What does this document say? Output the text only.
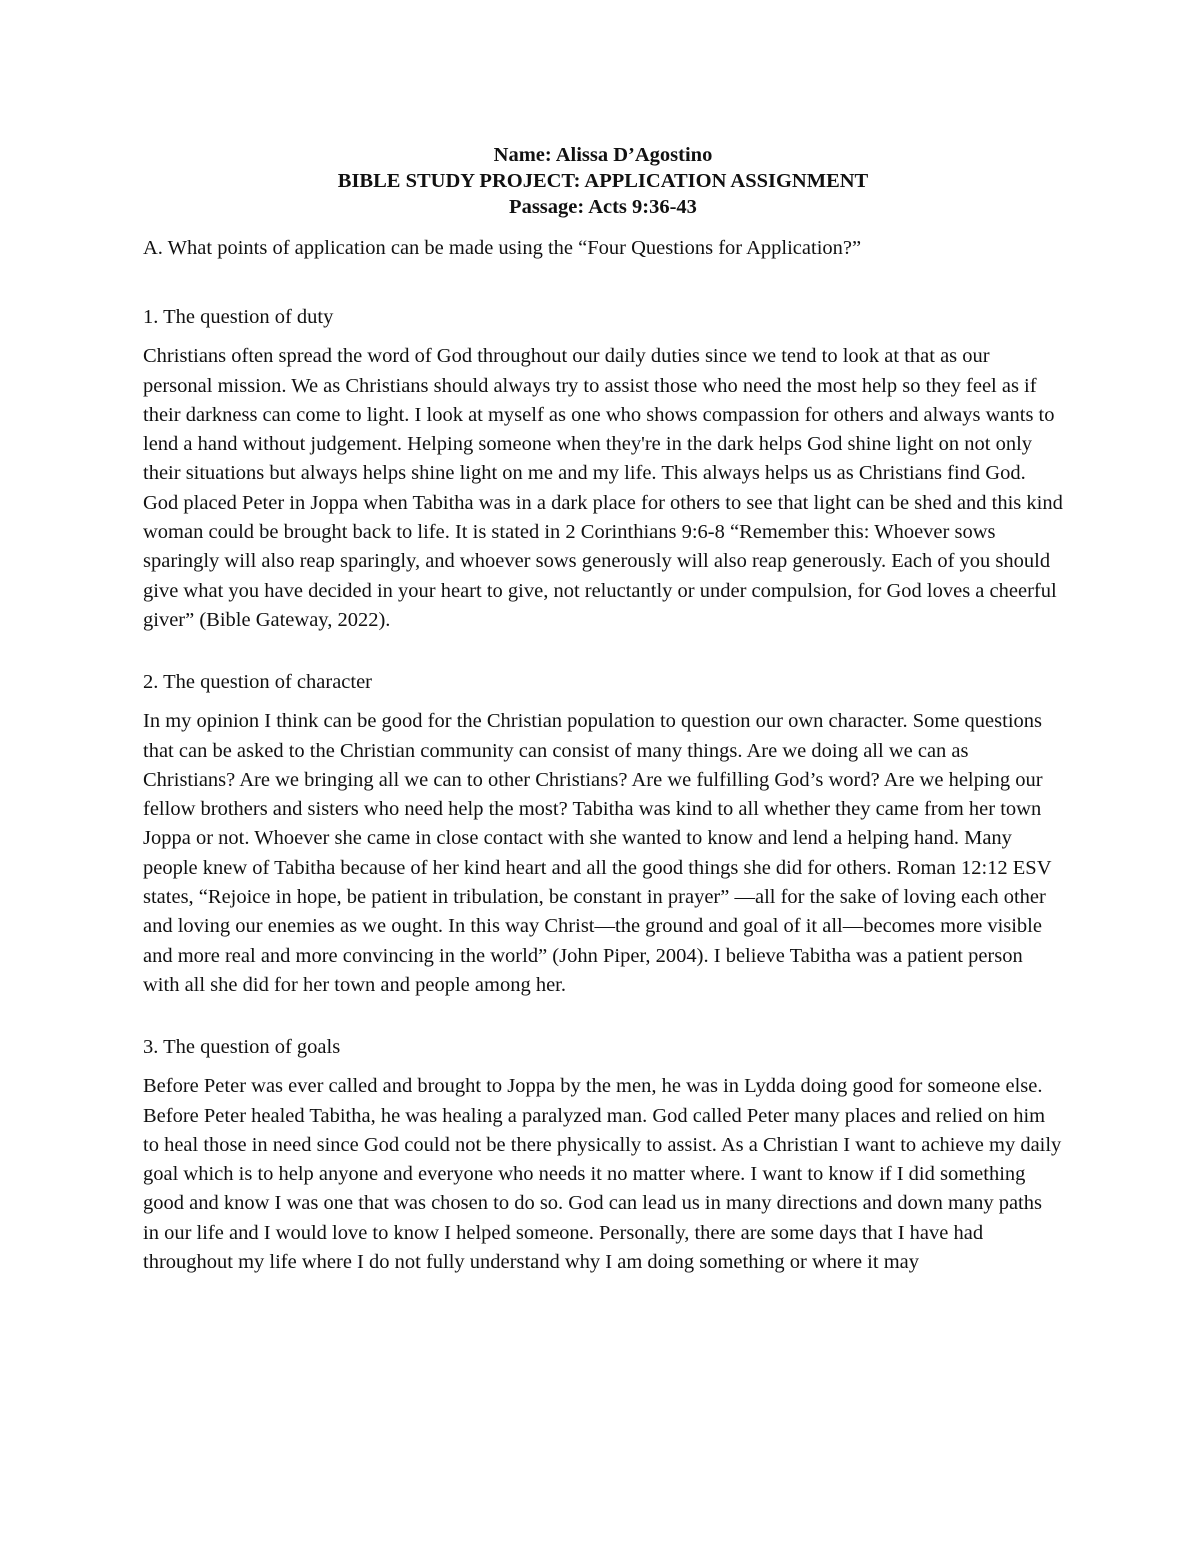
Name: Alissa D’Agostino
BIBLE STUDY PROJECT: APPLICATION ASSIGNMENT
Passage: Acts 9:36-43

A. What points of application can be made using the “Four Questions for Application?”

1. The question of duty

Christians often spread the word of God throughout our daily duties since we tend to look at that as our personal mission. We as Christians should always try to assist those who need the most help so they feel as if their darkness can come to light. I look at myself as one who shows compassion for others and always wants to lend a hand without judgement. Helping someone when they're in the dark helps God shine light on not only their situations but always helps shine light on me and my life. This always helps us as Christians find God. God placed Peter in Joppa when Tabitha was in a dark place for others to see that light can be shed and this kind woman could be brought back to life. It is stated in 2 Corinthians 9:6-8 “Remember this: Whoever sows sparingly will also reap sparingly, and whoever sows generously will also reap generously. Each of you should give what you have decided in your heart to give, not reluctantly or under compulsion, for God loves a cheerful giver” (Bible Gateway, 2022).

2. The question of character

In my opinion I think can be good for the Christian population to question our own character. Some questions that can be asked to the Christian community can consist of many things. Are we doing all we can as Christians? Are we bringing all we can to other Christians? Are we fulfilling God’s word? Are we helping our fellow brothers and sisters who need help the most? Tabitha was kind to all whether they came from her town Joppa or not. Whoever she came in close contact with she wanted to know and lend a helping hand. Many people knew of Tabitha because of her kind heart and all the good things she did for others. Roman 12:12 ESV states, “Rejoice in hope, be patient in tribulation, be constant in prayer” —all for the sake of loving each other and loving our enemies as we ought. In this way Christ—the ground and goal of it all—becomes more visible and more real and more convincing in the world” (John Piper, 2004). I believe Tabitha was a patient person with all she did for her town and people among her.

3. The question of goals

Before Peter was ever called and brought to Joppa by the men, he was in Lydda doing good for someone else. Before Peter healed Tabitha, he was healing a paralyzed man. God called Peter many places and relied on him to heal those in need since God could not be there physically to assist. As a Christian I want to achieve my daily goal which is to help anyone and everyone who needs it no matter where. I want to know if I did something good and know I was one that was chosen to do so. God can lead us in many directions and down many paths in our life and I would love to know I helped someone. Personally, there are some days that I have had throughout my life where I do not fully understand why I am doing something or where it may
